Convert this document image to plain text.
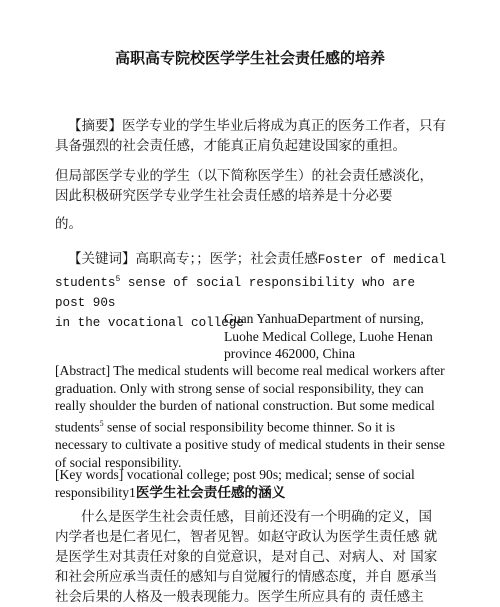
高职高专院校医学学生社会责任感的培养
【摘要】医学专业的学生毕业后将成为真正的医务工作者，只有
具备强烈的社会责任感，才能真正肩负起建设国家的重担。
但局部医学专业的学生（以下简称医学生）的社会责任感淡化，
因此积极研究医学专业学生社会责任感的培养是十分必要
的。
【关键词】高职高专；；医学；社会责任感Foster of medical
students$^5$ sense of social responsibility who are post 90s
in the vocational college
Guan YanhuaDepartment of nursing,
Luohe Medical College, Luohe Henan
province 462000, China
[Abstract] The medical students will become real medical workers after
graduation. Only with strong sense of social responsibility, they can
really shoulder the burden of national construction. But some medical
students$^5$ sense of social responsibility become thinner. So it is
necessary to cultivate a positive study of medical students in their sense
of social responsibility.
[Key words] vocational college; post 90s; medical; sense of social
responsibility1医学生社会责任感的涵义
什么是医学生社会责任感，目前还没有一个明确的定义，国
内学者也是仁者见仁，智者见智。如赵守政认为医学生责任感 就
是医学生对其责任对象的自觉意识，是对自己、对病人、对 国家
和社会所应承当责任的感知与自觉履行的情感态度，并自 愿承当
社会后果的人格及一般表现能力。医学生所应具有的 责任感主
